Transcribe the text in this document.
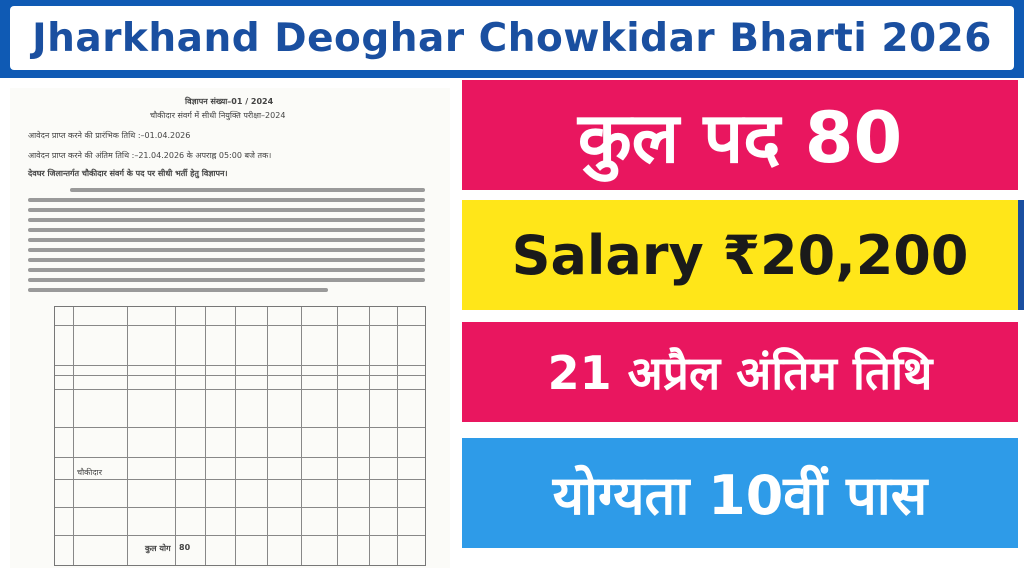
Jharkhand Deoghar Chowkidar Bharti 2026
विज्ञापन संख्या–01 / 2024
चौकीदार संवर्ग में सीधी नियुक्ति परीक्षा–2024
आवेदन प्राप्त करने की प्रारंभिक तिथि :–01.04.2026
आवेदन प्राप्त करने की अंतिम तिथि :–21.04.2026 के अपराह्न 05:00 बजे तक।
देवघर जिलान्तर्गत चौकीदार संवर्ग के पद पर सीधी भर्ती हेतु विज्ञापन।
चौकीदार
कुल योग 80
कुल पद 80
Salary ₹20,200
21 अप्रैल अंतिम तिथि
योग्यता 10वीं पास
